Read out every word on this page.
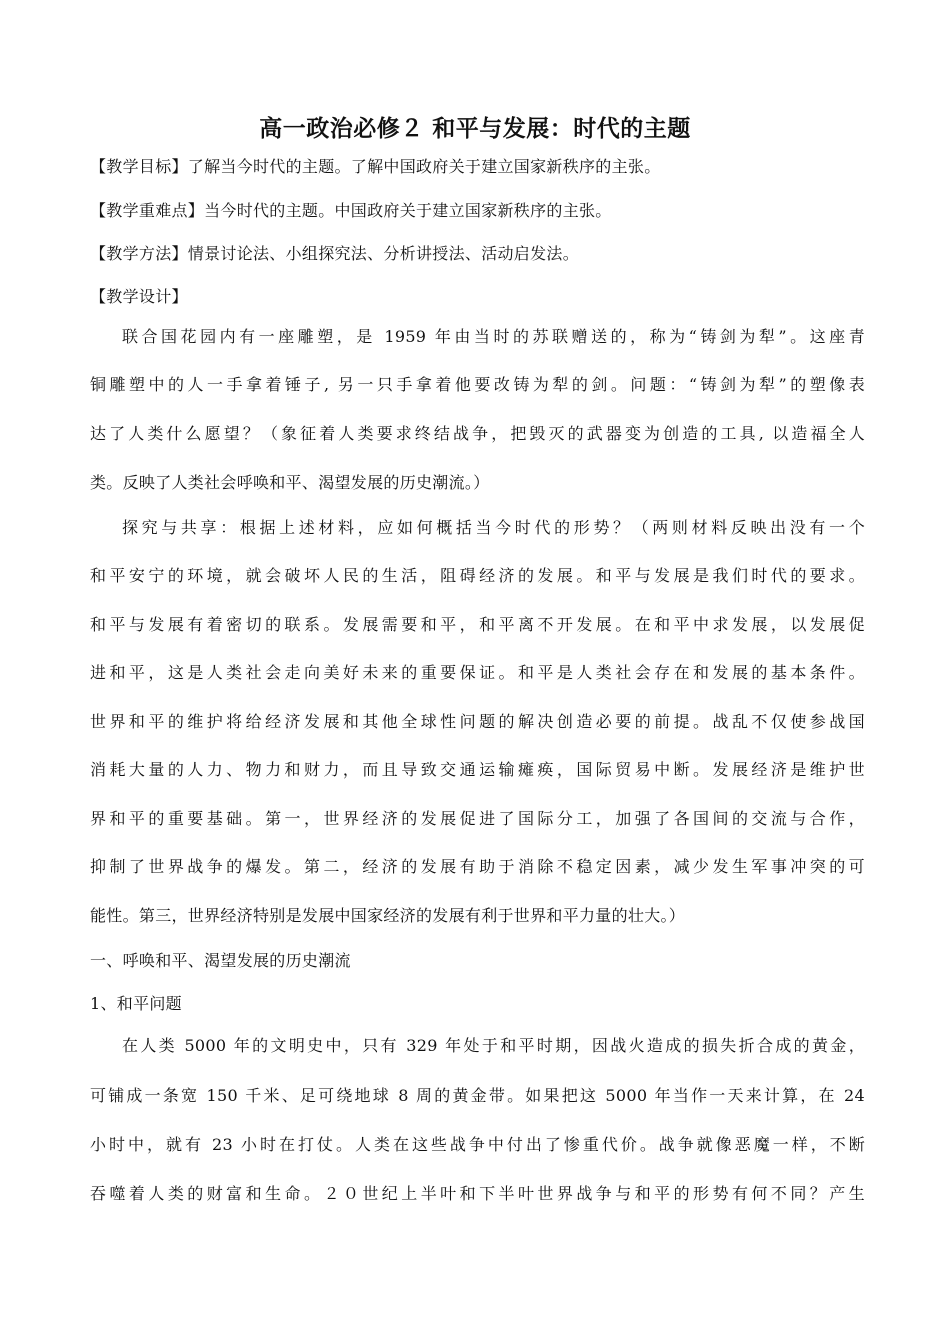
高一政治必修２ 和平与发展：时代的主题
【教学目标】了解当今时代的主题。了解中国政府关于建立国家新秩序的主张。
【教学重难点】当今时代的主题。中国政府关于建立国家新秩序的主张。
【教学方法】情景讨论法、小组探究法、分析讲授法、活动启发法。
【教学设计】
联合国花园内有一座雕塑，是 1959 年由当时的苏联赠送的，称为“铸剑为犁”。这座青
铜雕塑中的人一手拿着锤子, 另一只手拿着他要改铸为犁的剑。问题：“铸剑为犁”的塑像表
达了人类什么愿望？（象征着人类要求终结战争，把毁灭的武器变为创造的工具, 以造福全人
类。反映了人类社会呼唤和平、渴望发展的历史潮流。）
探究与共享：根据上述材料，应如何概括当今时代的形势？（两则材料反映出没有一个
和平安宁的环境，就会破坏人民的生活，阻碍经济的发展。和平与发展是我们时代的要求。
和平与发展有着密切的联系。发展需要和平，和平离不开发展。在和平中求发展，以发展促
进和平，这是人类社会走向美好未来的重要保证。和平是人类社会存在和发展的基本条件。
世界和平的维护将给经济发展和其他全球性问题的解决创造必要的前提。战乱不仅使参战国
消耗大量的人力、物力和财力，而且导致交通运输瘫痪，国际贸易中断。发展经济是维护世
界和平的重要基础。第一，世界经济的发展促进了国际分工，加强了各国间的交流与合作，
抑制了世界战争的爆发。第二，经济的发展有助于消除不稳定因素，减少发生军事冲突的可
能性。第三，世界经济特别是发展中国家经济的发展有利于世界和平力量的壮大。）
一、呼唤和平、渴望发展的历史潮流
1、和平问题
在人类 5000 年的文明史中，只有 329 年处于和平时期，因战火造成的损失折合成的黄金，
可铺成一条宽 150 千米、足可绕地球 8 周的黄金带。如果把这 5000 年当作一天来计算，在 24
小时中，就有 23 小时在打仗。人类在这些战争中付出了惨重代价。战争就像恶魔一样，不断
吞噬着人类的财富和生命。２０世纪上半叶和下半叶世界战争与和平的形势有何不同？产生
